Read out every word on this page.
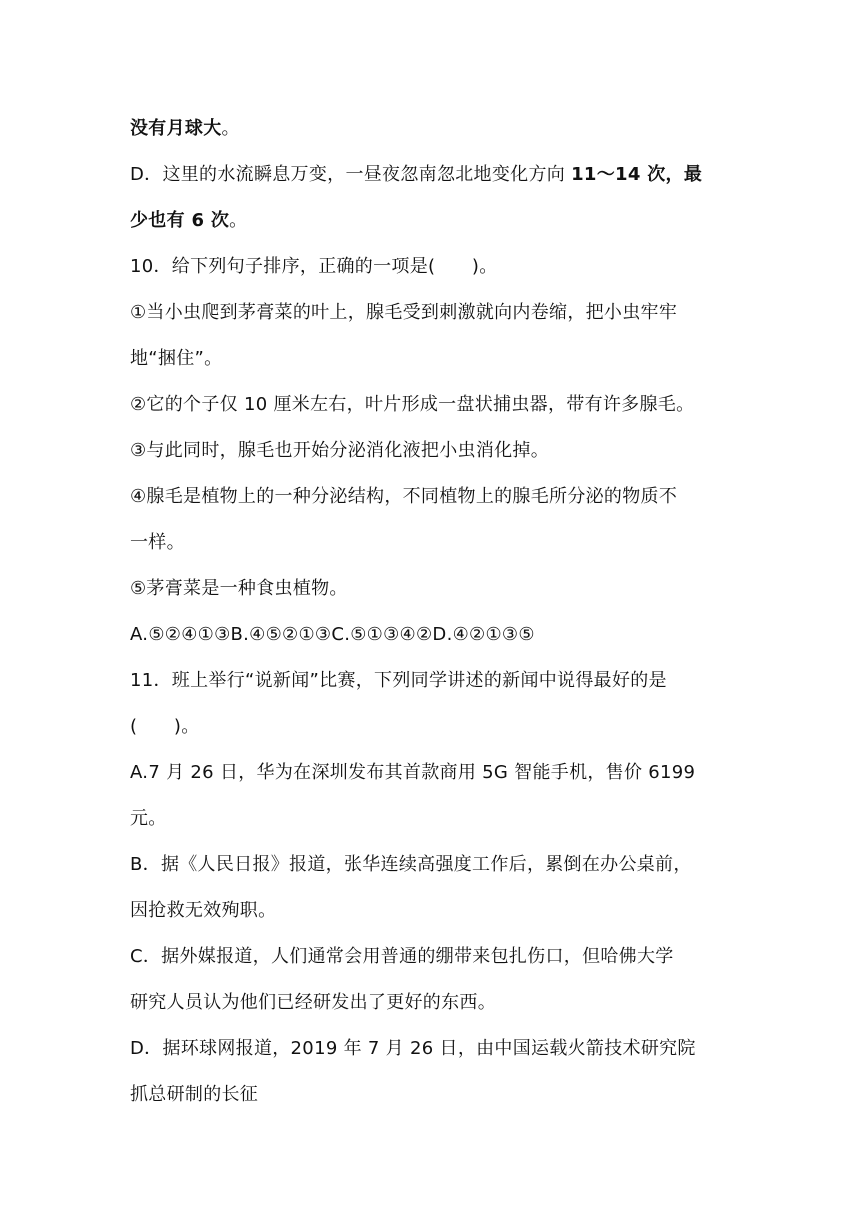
没有月球大。
D．这里的水流瞬息万变，一昼夜忽南忽北地变化方向 11～14 次，最
少也有 6 次。
10．给下列句子排序，正确的一项是(　　)。
①当小虫爬到茅膏菜的叶上，腺毛受到刺激就向内卷缩，把小虫牢牢
地“捆住”。
②它的个子仅 10 厘米左右，叶片形成一盘状捕虫器，带有许多腺毛。
③与此同时，腺毛也开始分泌消化液把小虫消化掉。
④腺毛是植物上的一种分泌结构，不同植物上的腺毛所分泌的物质不
一样。
⑤茅膏菜是一种食虫植物。
A.⑤②④①③B.④⑤②①③C.⑤①③④②D.④②①③⑤
11．班上举行“说新闻”比赛，下列同学讲述的新闻中说得最好的是
(　　)。
A.7 月 26 日，华为在深圳发布其首款商用 5G 智能手机，售价 6199
元。
B．据《人民日报》报道，张华连续高强度工作后，累倒在办公桌前，
因抢救无效殉职。
C．据外媒报道，人们通常会用普通的绷带来包扎伤口，但哈佛大学
研究人员认为他们已经研发出了更好的东西。
D．据环球网报道，2019 年 7 月 26 日，由中国运载火箭技术研究院
抓总研制的长征
